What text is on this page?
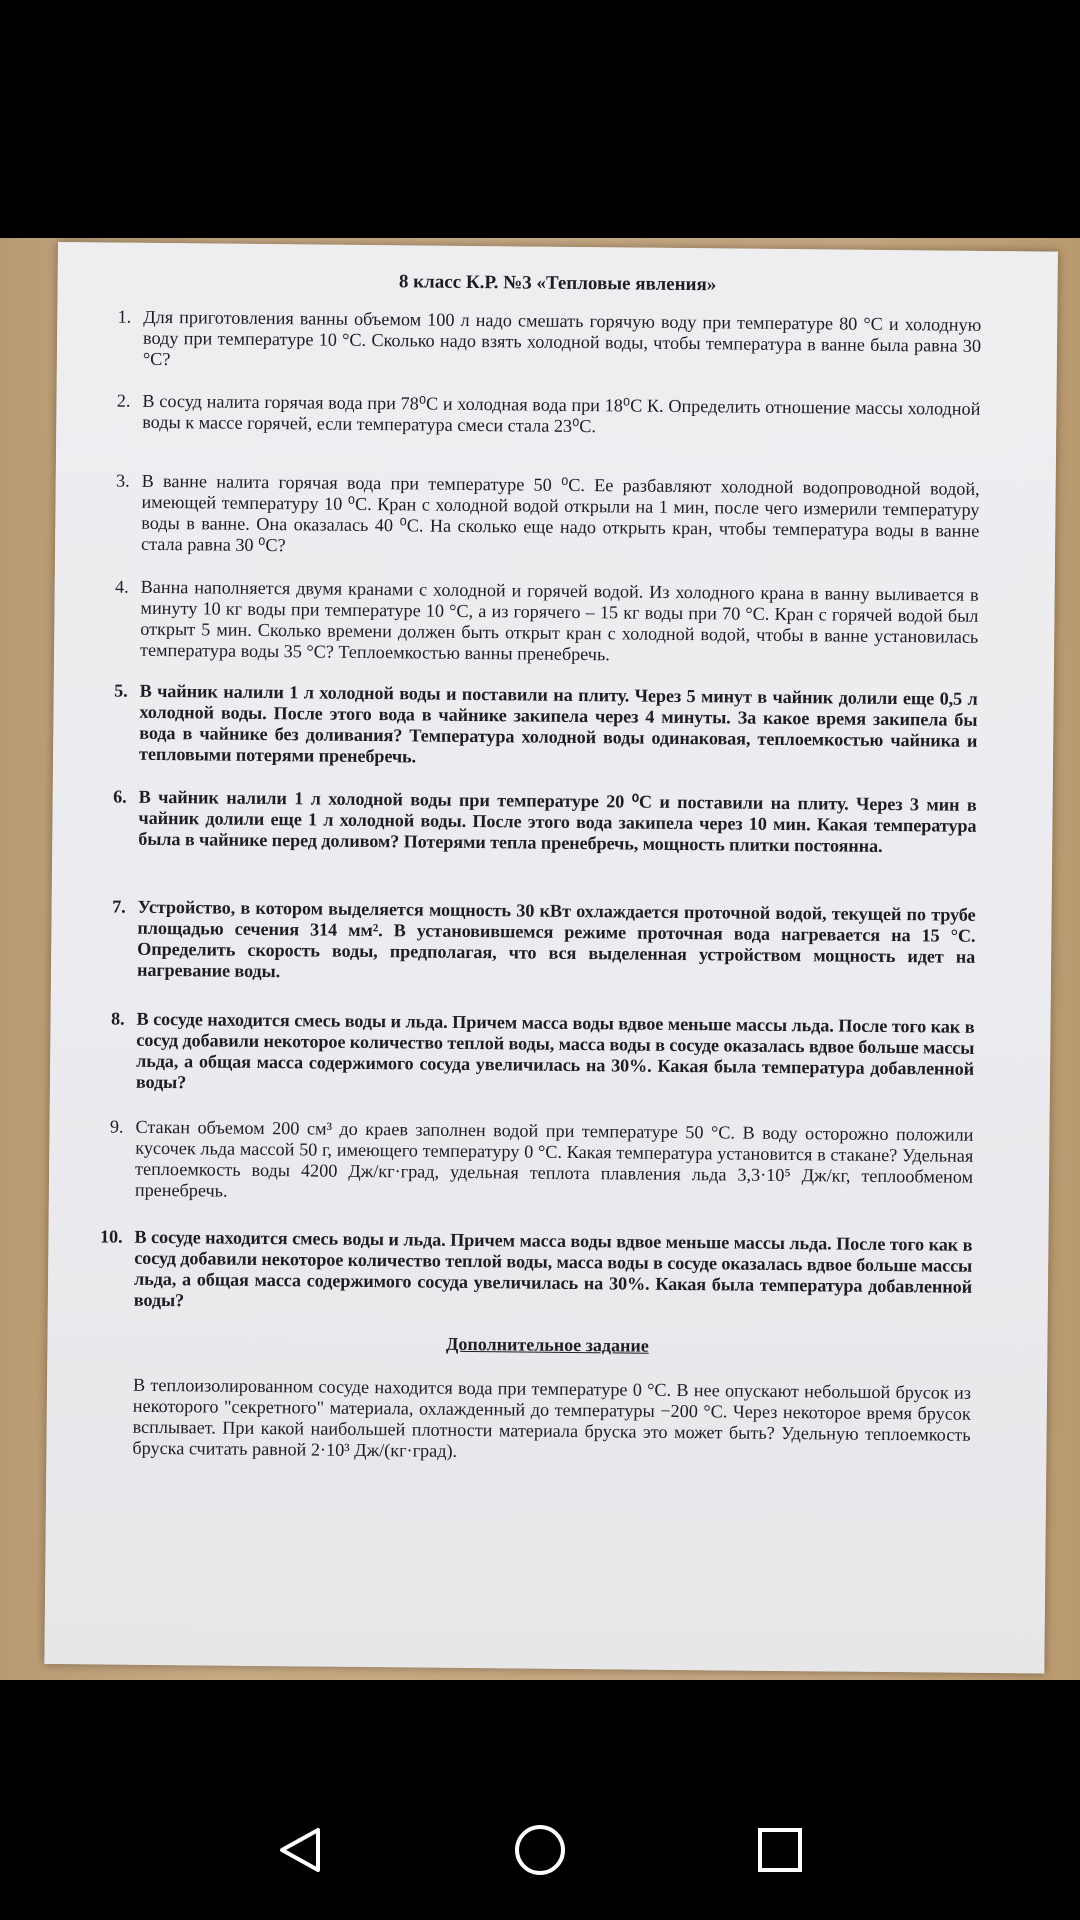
8 класс К.Р. №3 «Тепловые явления»
1. Для приготовления ванны объемом 100 л надо смешать горячую воду при температуре 80 °С и холодную воду при температуре 10 °С. Сколько надо взять холодной воды, чтобы температура в ванне была равна 30 °С?
2. В сосуд налита горячая вода при 78⁰C и холодная вода при 18⁰C К. Определить отношение массы холодной воды к массе горячей, если температура смеси стала 23⁰C.
3. В ванне налита горячая вода при температуре 50 ⁰С. Ее разбавляют холодной водопроводной водой, имеющей температуру 10 ⁰С. Кран с холодной водой открыли на 1 мин, после чего измерили температуру воды в ванне. Она оказалась 40 ⁰С. На сколько еще надо открыть кран, чтобы температура воды в ванне стала равна 30 ⁰С?
4. Ванна наполняется двумя кранами с холодной и горячей водой. Из холодного крана в ванну выливается в минуту 10 кг воды при температуре 10 °С, а из горячего – 15 кг воды при 70 °С. Кран с горячей водой был открыт 5 мин. Сколько времени должен быть открыт кран с холодной водой, чтобы в ванне установилась температура воды 35 °С? Теплоемкостью ванны пренебречь.
5. В чайник налили 1 л холодной воды и поставили на плиту. Через 5 минут в чайник долили еще 0,5 л холодной воды. После этого вода в чайнике закипела через 4 минуты. За какое время закипела бы вода в чайнике без доливания? Температура холодной воды одинаковая, теплоемкостью чайника и тепловыми потерями пренебречь.
6. В чайник налили 1 л холодной воды при температуре 20 ⁰С и поставили на плиту. Через 3 мин в чайник долили еще 1 л холодной воды. После этого вода закипела через 10 мин. Какая температура была в чайнике перед доливом? Потерями тепла пренебречь, мощность плитки постоянна.
7. Устройство, в котором выделяется мощность 30 кВт охлаждается проточной водой, текущей по трубе площадью сечения 314 мм². В установившемся режиме проточная вода нагревается на 15 °С. Определить скорость воды, предполагая, что вся выделенная устройством мощность идет на нагревание воды.
8. В сосуде находится смесь воды и льда. Причем масса воды вдвое меньше массы льда. После того как в сосуд добавили некоторое количество теплой воды, масса воды в сосуде оказалась вдвое больше массы льда, а общая масса содержимого сосуда увеличилась на 30%. Какая была температура добавленной воды?
9. Стакан объемом 200 см³ до краев заполнен водой при температуре 50 °С. В воду осторожно положили кусочек льда массой 50 г, имеющего температуру 0 °С. Какая температура установится в стакане? Удельная теплоемкость воды 4200 Дж/кг·град, удельная теплота плавления льда 3,3·10⁵ Дж/кг, теплообменом пренебречь.
10. В сосуде находится смесь воды и льда. Причем масса воды вдвое меньше массы льда. После того как в сосуд добавили некоторое количество теплой воды, масса воды в сосуде оказалась вдвое больше массы льда, а общая масса содержимого сосуда увеличилась на 30%. Какая была температура добавленной воды?
Дополнительное задание
В теплоизолированном сосуде находится вода при температуре 0 °С. В нее опускают небольшой брусок из некоторого "секретного" материала, охлажденный до температуры −200 °С. Через некоторое время брусок всплывает. При какой наибольшей плотности материала бруска это может быть? Удельную теплоемкость бруска считать равной 2·10³ Дж/(кг·град).
